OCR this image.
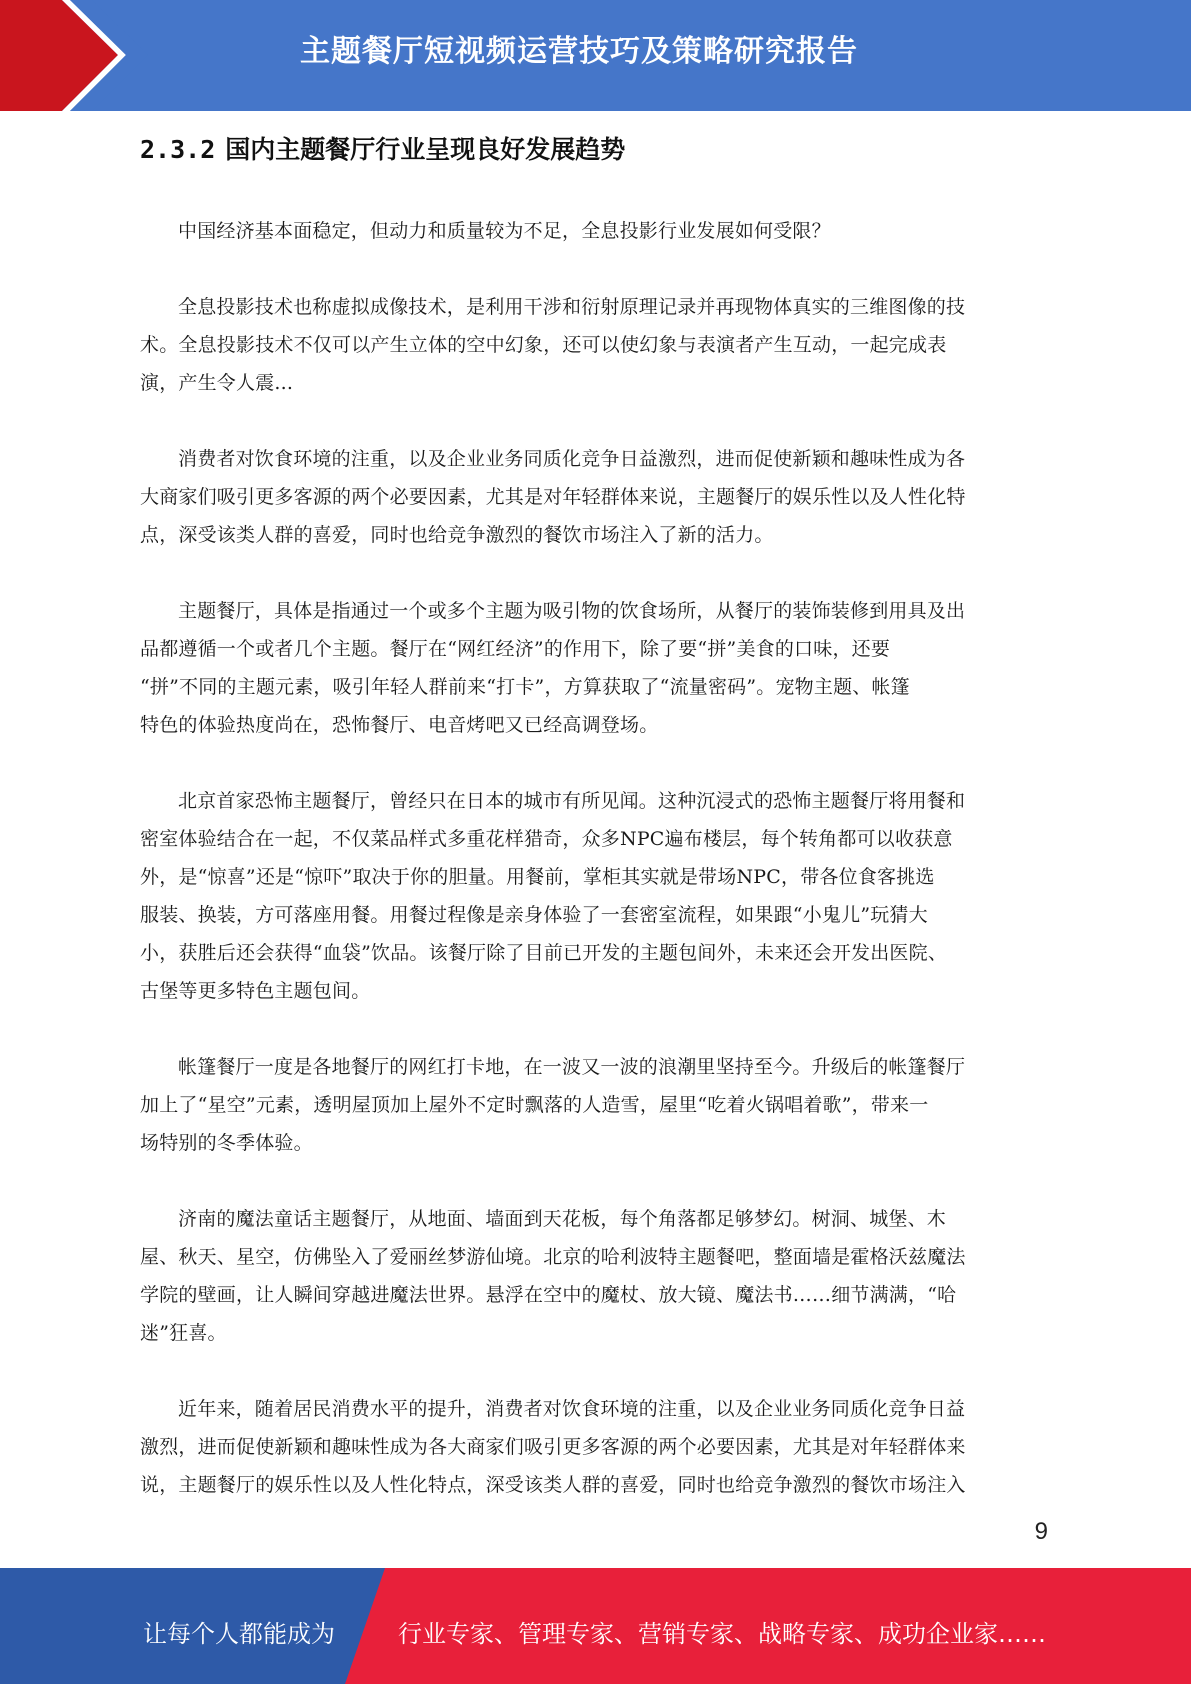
主题餐厅短视频运营技巧及策略研究报告
2.3.2 国内主题餐厅行业呈现良好发展趋势

中国经济基本面稳定，但动力和质量较为不足，全息投影行业发展如何受限？

全息投影技术也称虚拟成像技术，是利用干涉和衍射原理记录并再现物体真实的三维图像的技
术。全息投影技术不仅可以产生立体的空中幻象，还可以使幻象与表演者产生互动，一起完成表
演，产生令人震...

消费者对饮食环境的注重，以及企业业务同质化竞争日益激烈，进而促使新颖和趣味性成为各
大商家们吸引更多客源的两个必要因素，尤其是对年轻群体来说，主题餐厅的娱乐性以及人性化特
点，深受该类人群的喜爱，同时也给竞争激烈的餐饮市场注入了新的活力。

主题餐厅，具体是指通过一个或多个主题为吸引物的饮食场所，从餐厅的装饰装修到用具及出
品都遵循一个或者几个主题。餐厅在“网红经济”的作用下，除了要“拼”美食的口味，还要
“拼”不同的主题元素，吸引年轻人群前来“打卡”，方算获取了“流量密码”。宠物主题、帐篷
特色的体验热度尚在，恐怖餐厅、电音烤吧又已经高调登场。

北京首家恐怖主题餐厅，曾经只在日本的城市有所见闻。这种沉浸式的恐怖主题餐厅将用餐和
密室体验结合在一起，不仅菜品样式多重花样猎奇，众多NPC遍布楼层，每个转角都可以收获意
外，是“惊喜”还是“惊吓”取决于你的胆量。用餐前，掌柜其实就是带场NPC，带各位食客挑选
服装、换装，方可落座用餐。用餐过程像是亲身体验了一套密室流程，如果跟“小鬼儿”玩猜大
小，获胜后还会获得“血袋”饮品。该餐厅除了目前已开发的主题包间外，未来还会开发出医院、
古堡等更多特色主题包间。

帐篷餐厅一度是各地餐厅的网红打卡地，在一波又一波的浪潮里坚持至今。升级后的帐篷餐厅
加上了“星空”元素，透明屋顶加上屋外不定时飘落的人造雪，屋里“吃着火锅唱着歌”，带来一
场特别的冬季体验。

济南的魔法童话主题餐厅，从地面、墙面到天花板，每个角落都足够梦幻。树洞、城堡、木
屋、秋天、星空，仿佛坠入了爱丽丝梦游仙境。北京的哈利波特主题餐吧，整面墙是霍格沃兹魔法
学院的壁画，让人瞬间穿越进魔法世界。悬浮在空中的魔杖、放大镜、魔法书……细节满满，“哈
迷”狂喜。

近年来，随着居民消费水平的提升，消费者对饮食环境的注重，以及企业业务同质化竞争日益
激烈，进而促使新颖和趣味性成为各大商家们吸引更多客源的两个必要因素，尤其是对年轻群体来
说，主题餐厅的娱乐性以及人性化特点，深受该类人群的喜爱，同时也给竞争激烈的餐饮市场注入

9
让每个人都能成为	行业专家、管理专家、营销专家、战略专家、成功企业家……
